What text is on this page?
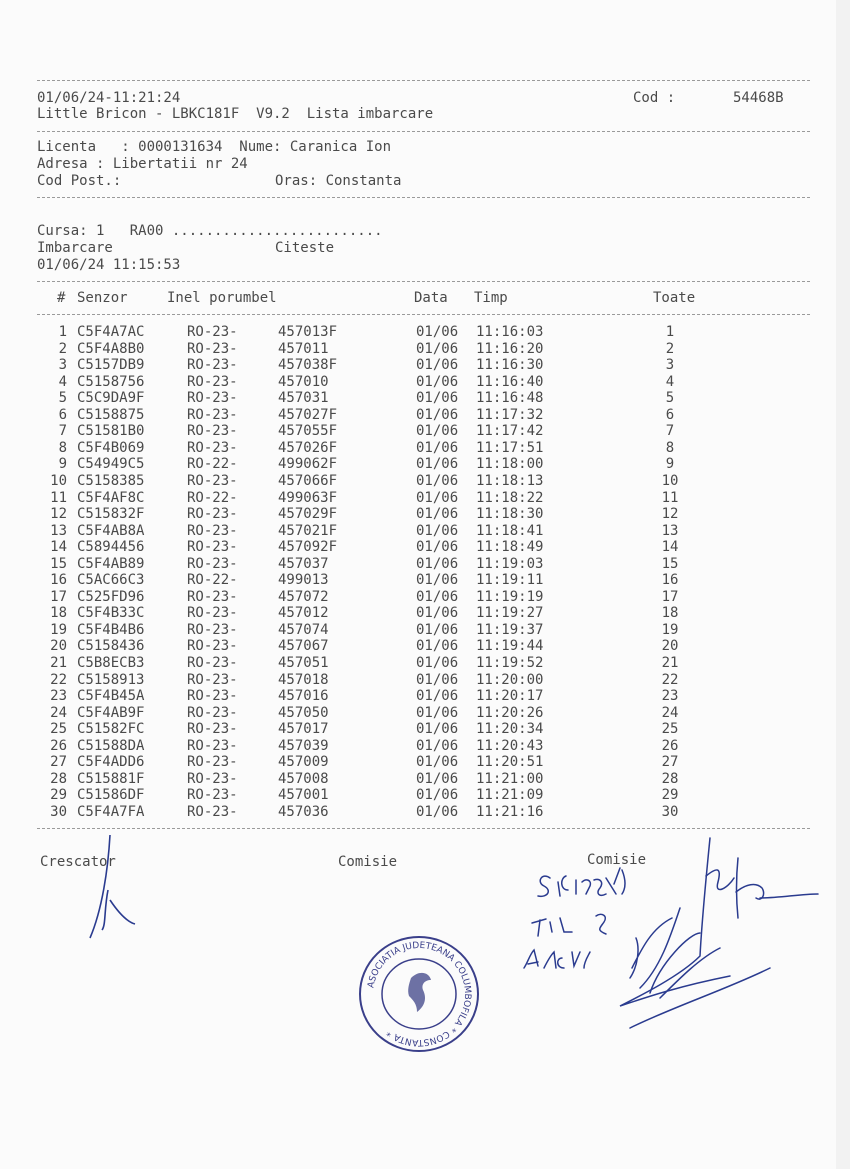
01/06/24-11:21:24	Cod :	54468B
Little Bricon - LBKC181F  V9.2  Lista imbarcare
Licenta   : 0000131634  Nume: Caranica Ion
Adresa : Libertatii nr 24
Cod Post.:	Oras: Constanta
Cursa: 1   RA00 .........................
Imbarcare	Citeste
01/06/24 11:15:53
# Senzor	Inel porumbel	Data Timp	Toate
1 C5F4A7AC	RO-23-	457013F	01/06 11:16:03	1
2 C5F4A8B0	RO-23-	457011	01/06 11:16:20	2
3 C5157DB9	RO-23-	457038F	01/06 11:16:30	3
4 C5158756	RO-23-	457010	01/06 11:16:40	4
5 C5C9DA9F	RO-23-	457031	01/06 11:16:48	5
6 C5158875	RO-23-	457027F	01/06 11:17:32	6
7 C51581B0	RO-23-	457055F	01/06 11:17:42	7
8 C5F4B069	RO-23-	457026F	01/06 11:17:51	8
9 C54949C5	RO-22-	499062F	01/06 11:18:00	9
10 C5158385	RO-23-	457066F	01/06 11:18:13	10
11 C5F4AF8C	RO-22-	499063F	01/06 11:18:22	11
12 C515832F	RO-23-	457029F	01/06 11:18:30	12
13 C5F4AB8A	RO-23-	457021F	01/06 11:18:41	13
14 C5894456	RO-23-	457092F	01/06 11:18:49	14
15 C5F4AB89	RO-23-	457037	01/06 11:19:03	15
16 C5AC66C3	RO-22-	499013	01/06 11:19:11	16
17 C525FD96	RO-23-	457072	01/06 11:19:19	17
18 C5F4B33C	RO-23-	457012	01/06 11:19:27	18
19 C5F4B4B6	RO-23-	457074	01/06 11:19:37	19
20 C5158436	RO-23-	457067	01/06 11:19:44	20
21 C5B8ECB3	RO-23-	457051	01/06 11:19:52	21
22 C5158913	RO-23-	457018	01/06 11:20:00	22
23 C5F4B45A	RO-23-	457016	01/06 11:20:17	23
24 C5F4AB9F	RO-23-	457050	01/06 11:20:26	24
25 C51582FC	RO-23-	457017	01/06 11:20:34	25
26 C51588DA	RO-23-	457039	01/06 11:20:43	26
27 C5F4ADD6	RO-23-	457009	01/06 11:20:51	27
28 C515881F	RO-23-	457008	01/06 11:21:00	28
29 C51586DF	RO-23-	457001	01/06 11:21:09	29
30 C5F4A7FA	RO-23-	457036	01/06 11:21:16	30
Crescator	Comisie	Comisie
ASOCIATIA JUDETEANA COLUMBOFILA * CONSTANTA *
